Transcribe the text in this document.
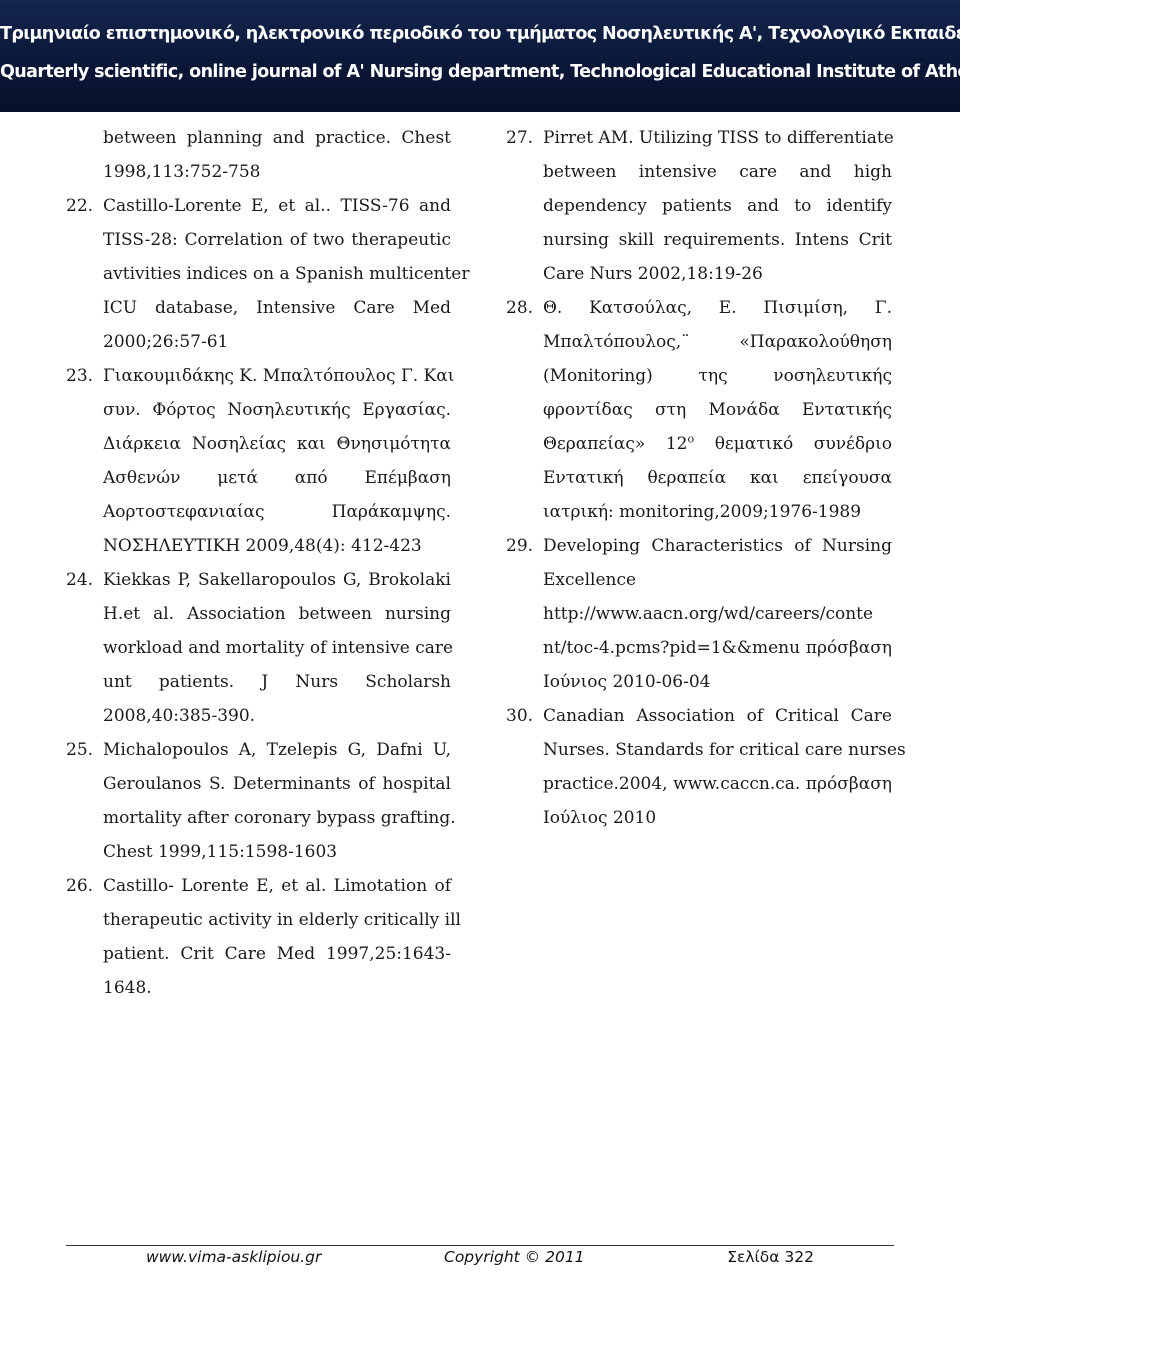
Τριμηνιαίο επιστημονικό, ηλεκτρονικό περιοδικό του τμήματος Νοσηλευτικής Α', Τεχνολογικό Εκπαιδευτικό Ίδρυμα Αθηνών
Quarterly scientific, online journal of A' Nursing department, Technological Educational Institute of Athens
between planning and practice. Chest
1998,113:752-758
22. Castillo-Lorente E, et al.. TISS-76 and
TISS-28: Correlation of two therapeutic
avtivities indices on a Spanish multicenter
ICU database, Intensive Care Med
2000;26:57-61
23. Γιακουμιδάκης Κ. Μπαλτόπουλος Γ. Και
συν. Φόρτος Νοσηλευτικής Εργασίας.
Διάρκεια Νοσηλείας και Θνησιμότητα
Ασθενών μετά από Επέμβαση
Αορτοστεφανιαίας Παράκαμψης.
ΝΟΣΗΛΕΥΤΙΚΗ 2009,48(4): 412-423
24. Kiekkas P, Sakellaropoulos G, Brokolaki
H.et al. Association between nursing
workload and mortality of intensive care
unt patients. J Nurs Scholarsh
2008,40:385-390.
25. Michalopoulos A, Tzelepis G, Dafni U,
Geroulanos S. Determinants of hospital
mortality after coronary bypass grafting.
Chest 1999,115:1598-1603
26. Castillo- Lorente E, et al. Limotation of
therapeutic activity in elderly critically ill
patient. Crit Care Med 1997,25:1643-
1648.
27. Pirret AM. Utilizing TISS to differentiate
between intensive care and high
dependency patients and to identify
nursing skill requirements. Intens Crit
Care Nurs 2002,18:19-26
28. Θ. Κατσούλας, Ε. Πισιμίση, Γ.
Μπαλτόπουλος,¨ «Παρακολούθηση
(Monitoring) της νοσηλευτικής
φροντίδας στη Μονάδα Εντατικής
Θεραπείας» $12^o$ θεματικό συνέδριο
Εντατική θεραπεία και επείγουσα
ιατρική: monitoring,2009;1976-1989
29. Developing Characteristics of Nursing
Excellence
http://www.aacn.org/wd/careers/conte
nt/toc-4.pcms?pid=1&&menu πρόσβαση
Ιούνιος 2010-06-04
30. Canadian Association of Critical Care
Nurses. Standards for critical care nurses
practice.2004, www.caccn.ca. πρόσβαση
Ιούλιος 2010
www.vima-asklipiou.gr	Copyright © 2011	Σελίδα 322
